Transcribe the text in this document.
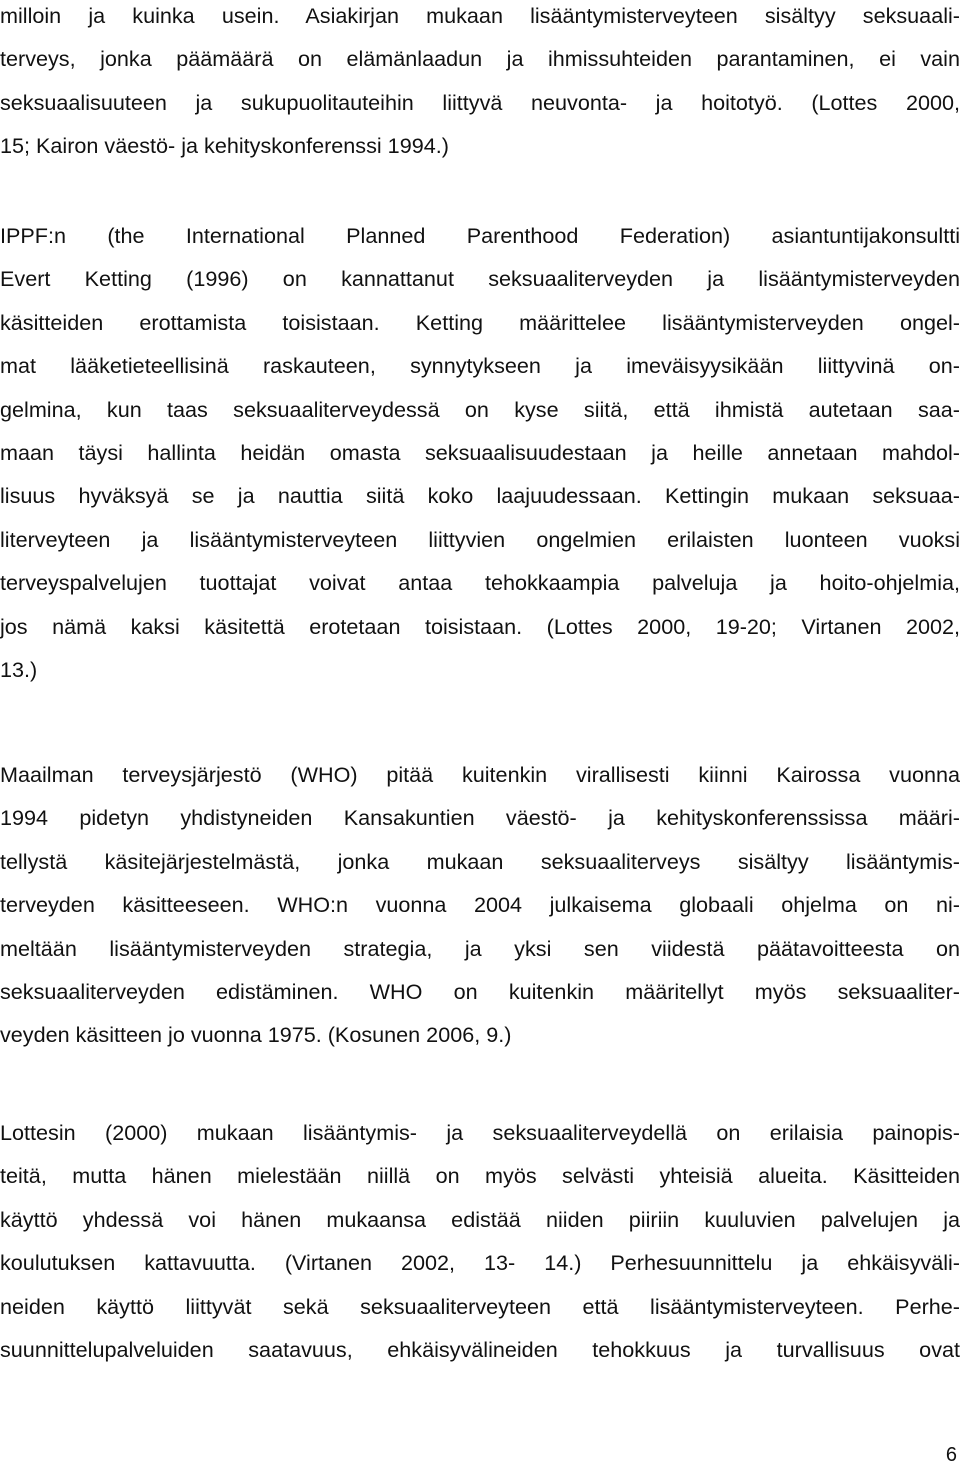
milloin ja kuinka usein. Asiakirjan mukaan lisääntymisterveyteen sisältyy seksuaali-
terveys, jonka päämäärä on elämänlaadun ja ihmissuhteiden parantaminen, ei vain
seksuaalisuuteen ja sukupuolitauteihin liittyvä neuvonta- ja hoitotyö. (Lottes 2000,
15; Kairon väestö- ja kehityskonferenssi 1994.)
IPPF:n (the International Planned Parenthood Federation) asiantuntijakonsultti
Evert Ketting (1996) on kannattanut seksuaaliterveyden ja lisääntymisterveyden
käsitteiden erottamista toisistaan. Ketting määrittelee lisääntymisterveyden ongel-
mat lääketieteellisinä raskauteen, synnytykseen ja imeväisyysikään liittyvinä on-
gelmina, kun taas seksuaaliterveydessä on kyse siitä, että ihmistä autetaan saa-
maan täysi hallinta heidän omasta seksuaalisuudestaan ja heille annetaan mahdol-
lisuus hyväksyä se ja nauttia siitä koko laajuudessaan. Kettingin mukaan seksuaa-
literveyteen ja lisääntymisterveyteen liittyvien ongelmien erilaisten luonteen vuoksi
terveyspalvelujen tuottajat voivat antaa tehokkaampia palveluja ja hoito-ohjelmia,
jos nämä kaksi käsitettä erotetaan toisistaan. (Lottes 2000, 19-20; Virtanen 2002,
13.)
Maailman terveysjärjestö (WHO) pitää kuitenkin virallisesti kiinni Kairossa vuonna
1994 pidetyn yhdistyneiden Kansakuntien väestö- ja kehityskonferenssissa määri-
tellystä käsitejärjestelmästä, jonka mukaan seksuaaliterveys sisältyy lisääntymis-
terveyden käsitteeseen. WHO:n vuonna 2004 julkaisema globaali ohjelma on ni-
meltään lisääntymisterveyden strategia, ja yksi sen viidestä päätavoitteesta on
seksuaaliterveyden edistäminen. WHO on kuitenkin määritellyt myös seksuaaliter-
veyden käsitteen jo vuonna 1975. (Kosunen 2006, 9.)
Lottesin (2000) mukaan lisääntymis- ja seksuaaliterveydellä on erilaisia painopis-
teitä, mutta hänen mielestään niillä on myös selvästi yhteisiä alueita. Käsitteiden
käyttö yhdessä voi hänen mukaansa edistää niiden piiriin kuuluvien palvelujen ja
koulutuksen kattavuutta. (Virtanen 2002, 13- 14.) Perhesuunnittelu ja ehkäisyväli-
neiden käyttö liittyvät sekä seksuaaliterveyteen että lisääntymisterveyteen. Perhe-
suunnittelupalveluiden saatavuus, ehkäisyvälineiden tehokkuus ja turvallisuus ovat
6
